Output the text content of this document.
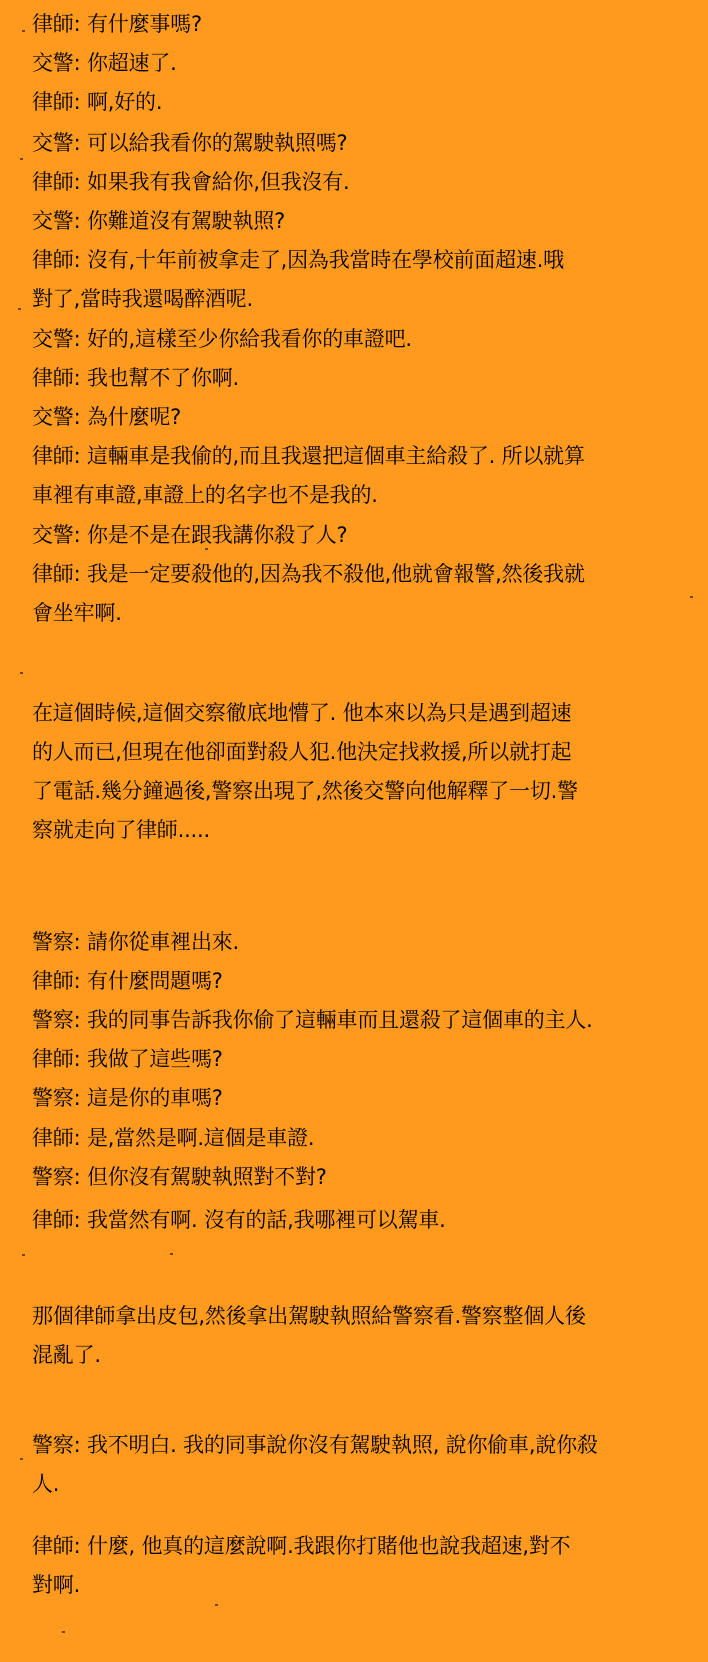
律師: 有什麼事嗎?
交警: 你超速了.
律師: 啊,好的.
交警: 可以給我看你的駕駛執照嗎?
律師: 如果我有我會給你,但我沒有.
交警: 你難道沒有駕駛執照?
律師: 沒有,十年前被拿走了,因為我當時在學校前面超速.哦
對了,當時我還喝醉酒呢.
交警: 好的,這樣至少你給我看你的車證吧.
律師: 我也幫不了你啊.
交警: 為什麼呢?
律師: 這輛車是我偷的,而且我還把這個車主給殺了. 所以就算
車裡有車證,車證上的名字也不是我的.
交警: 你是不是在跟我講你殺了人?
律師: 我是一定要殺他的,因為我不殺他,他就會報警,然後我就
會坐牢啊.
在這個時候,這個交察徹底地懵了. 他本來以為只是遇到超速
的人而已,但現在他卻面對殺人犯.他決定找救援,所以就打起
了電話.幾分鐘過後,警察出現了,然後交警向他解釋了一切.警
察就走向了律師.....
警察: 請你從車裡出來.
律師: 有什麼問題嗎?
警察: 我的同事告訴我你偷了這輛車而且還殺了這個車的主人.
律師: 我做了這些嗎?
警察: 這是你的車嗎?
律師: 是,當然是啊.這個是車證.
警察: 但你沒有駕駛執照對不對?
律師: 我當然有啊. 沒有的話,我哪裡可以駕車.
那個律師拿出皮包,然後拿出駕駛執照給警察看.警察整個人後
混亂了.
警察: 我不明白. 我的同事說你沒有駕駛執照, 說你偷車,說你殺
人.
律師: 什麼, 他真的這麼說啊.我跟你打賭他也說我超速,對不
對啊.
